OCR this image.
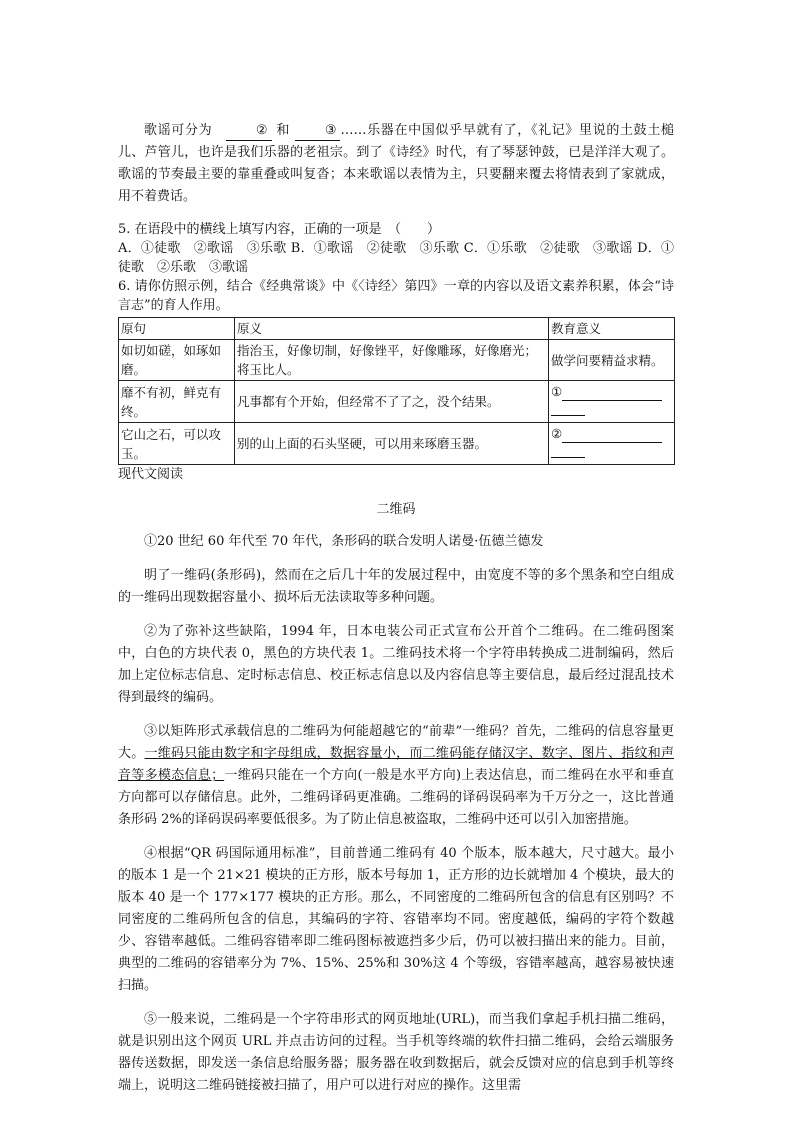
歌谣可分为　	② 和	③ ……乐器在中国似乎早就有了，《礼记》里说的土鼓土槌儿、芦管儿，也许是我们乐器的老祖宗。到了《诗经》时代，有了琴瑟钟鼓，已是洋洋大观了。歌谣的节奏最主要的靠重叠或叫复沓；本来歌谣以表情为主，只要翻来覆去将情表到了家就成，用不着费话。

5. 在语段中的横线上填写内容，正确的一项是　（　　）

A．①徒歌　②歌谣　③乐歌 B．①歌谣　②徒歌　③乐歌 C．①乐歌　②徒歌　③歌谣 D．①徒歌　②乐歌　③歌谣

6. 请你仿照示例，结合《经典常谈》中《〈诗经〉第四》一章的内容以及语文素养积累，体会“诗言志”的育人作用。

原句	原义	教育意义
如切如磋，如琢如磨。	指治玉，好像切制，好像锉平，好像雕琢，好像磨光；将玉比人。	做学问要精益求精。
靡不有初，鲜克有终。	凡事都有个开始，但经常不了了之，没个结果。	①

它山之石，可以攻玉。	别的山上面的石头坚硬，可以用来琢磨玉器。	②

现代文阅读

二维码

①20 世纪 60 年代至 70 年代，条形码的联合发明人诺曼·伍德兰德发

明了一维码(条形码)，然而在之后几十年的发展过程中，由宽度不等的多个黑条和空白组成的一维码出现数据容量小、损坏后无法读取等多种问题。

②为了弥补这些缺陷，1994 年，日本电装公司正式宣布公开首个二维码。在二维码图案中，白色的方块代表 0，黑色的方块代表 1。二维码技术将一个字符串转换成二进制编码，然后加上定位标志信息、定时标志信息、校正标志信息以及内容信息等主要信息，最后经过混乱技术得到最终的编码。

③以矩阵形式承载信息的二维码为何能超越它的“前辈”一维码？首先，二维码的信息容量更大。一维码只能由数字和字母组成，数据容量小，而二维码能存储汉字、数字、图片、指纹和声音等多模态信息；一维码只能在一个方向(一般是水平方向)上表达信息，而二维码在水平和垂直方向都可以存储信息。此外，二维码译码更准确。二维码的译码误码率为千万分之一，这比普通条形码 2%的译码误码率要低很多。为了防止信息被盗取，二维码中还可以引入加密措施。

④根据“QR 码国际通用标准”，目前普通二维码有 40 个版本，版本越大，尺寸越大。最小的版本 1 是一个 21×21 模块的正方形，版本号每加 1，正方形的边长就增加 4 个模块，最大的版本 40 是一个 177×177 模块的正方形。那么，不同密度的二维码所包含的信息有区别吗？不同密度的二维码所包含的信息，其编码的字符、容错率均不同。密度越低，编码的字符个数越少、容错率越低。二维码容错率即二维码图标被遮挡多少后，仍可以被扫描出来的能力。目前，典型的二维码的容错率分为 7%、15%、25%和 30%这 4 个等级，容错率越高，越容易被快速扫描。

⑤一般来说，二维码是一个字符串形式的网页地址(URL)，而当我们拿起手机扫描二维码，就是识别出这个网页 URL 并点击访问的过程。当手机等终端的软件扫描二维码，会给云端服务器传送数据，即发送一条信息给服务器；服务器在收到数据后，就会反馈对应的信息到手机等终端上，说明这二维码链接被扫描了，用户可以进行对应的操作。这里需
